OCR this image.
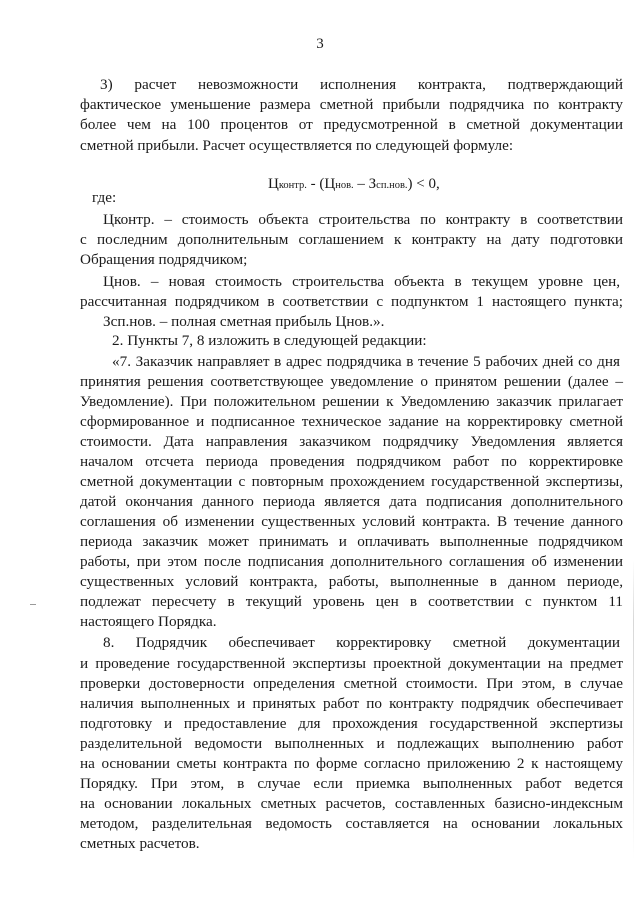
3
3) расчет невозможности исполнения контракта, подтверждающий
фактическое уменьшение размера сметной прибыли подрядчика по контракту
более чем на 100 процентов от предусмотренной в сметной документации
сметной прибыли. Расчет осуществляется по следующей формуле:
Цконтр. - (Цнов. – Зсп.нов.) < 0,
где:
Цконтр. – стоимость объекта строительства по контракту в соответствии
с последним дополнительным соглашением к контракту на дату подготовки
Обращения подрядчиком;
Цнов. – новая стоимость строительства объекта в текущем уровне цен,
рассчитанная подрядчиком в соответствии с подпунктом 1 настоящего пункта;
Зсп.нов. – полная сметная прибыль Цнов.».
2. Пункты 7, 8 изложить в следующей редакции:
«7. Заказчик направляет в адрес подрядчика в течение 5 рабочих дней со дня
принятия решения соответствующее уведомление о принятом решении (далее –
Уведомление). При положительном решении к Уведомлению заказчик прилагает
сформированное и подписанное техническое задание на корректировку сметной
стоимости. Дата направления заказчиком подрядчику Уведомления является
началом отсчета периода проведения подрядчиком работ по корректировке
сметной документации с повторным прохождением государственной экспертизы,
датой окончания данного периода является дата подписания дополнительного
соглашения об изменении существенных условий контракта. В течение данного
периода заказчик может принимать и оплачивать выполненные подрядчиком
работы, при этом после подписания дополнительного соглашения об изменении
существенных условий контракта, работы, выполненные в данном периоде,
подлежат пересчету в текущий уровень цен в соответствии с пунктом 11
настоящего Порядка.
8. Подрядчик обеспечивает корректировку сметной документации
и проведение государственной экспертизы проектной документации на предмет
проверки достоверности определения сметной стоимости. При этом, в случае
наличия выполненных и принятых работ по контракту подрядчик обеспечивает
подготовку и предоставление для прохождения государственной экспертизы
разделительной ведомости выполненных и подлежащих выполнению работ
на основании сметы контракта по форме согласно приложению 2 к настоящему
Порядку. При этом, в случае если приемка выполненных работ ведется
на основании локальных сметных расчетов, составленных базисно-индексным
методом, разделительная ведомость составляется на основании локальных
сметных расчетов.
